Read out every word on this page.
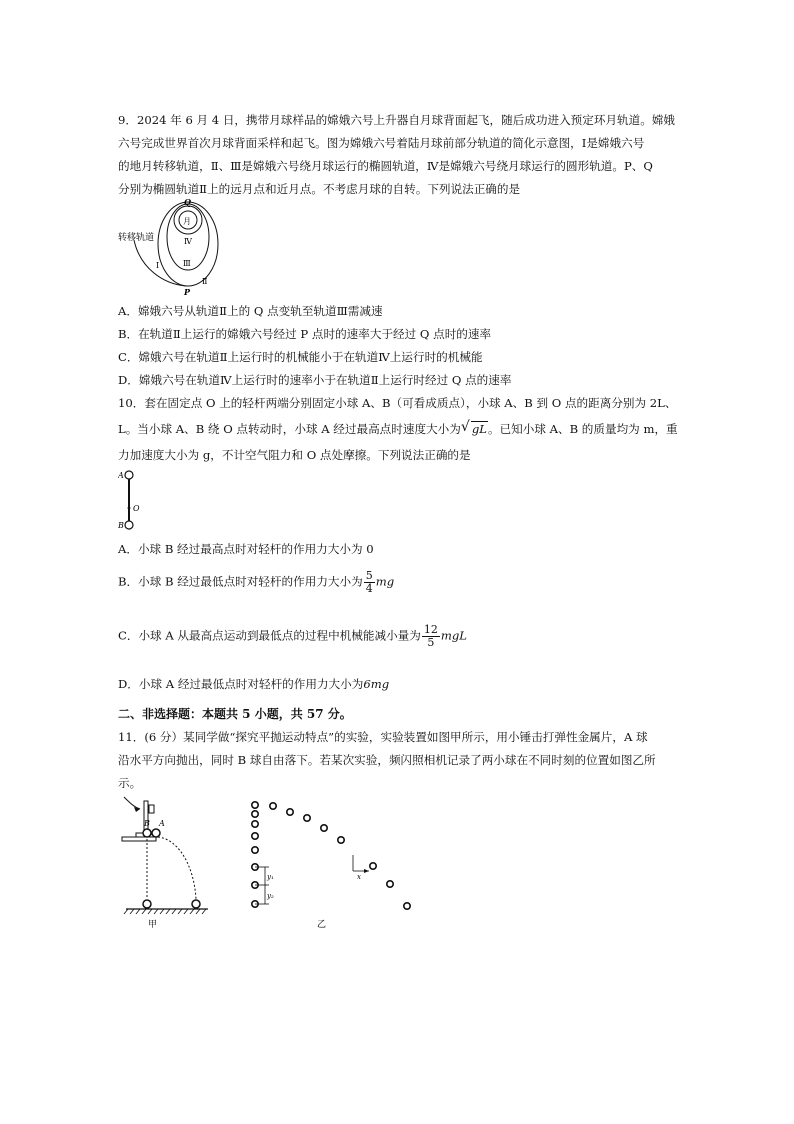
9．2024 年 6 月 4 日，携带月球样品的嫦娥六号上升器自月球背面起飞，随后成功进入预定环月轨道。嫦娥
六号完成世界首次月球背面采样和起飞。图为嫦娥六号着陆月球前部分轨道的简化示意图，Ⅰ是嫦娥六号
的地月转移轨道，Ⅱ、Ⅲ是嫦娥六号绕月球运行的椭圆轨道，Ⅳ是嫦娥六号绕月球运行的圆形轨道。P、Q
分别为椭圆轨道Ⅱ上的远月点和近月点。不考虑月球的自转。下列说法正确的是
转移轨道
Q
月
Ⅳ
Ⅲ
Ⅰ
Ⅱ
P
A．嫦娥六号从轨道Ⅱ上的 Q 点变轨至轨道Ⅲ需减速
B．在轨道Ⅱ上运行的嫦娥六号经过 P 点时的速率大于经过 Q 点时的速率
C．嫦娥六号在轨道Ⅱ上运行时的机械能小于在轨道Ⅳ上运行时的机械能
D．嫦娥六号在轨道Ⅳ上运行时的速率小于在轨道Ⅱ上运行时经过 Q 点的速率
10．套在固定点 O 上的轻杆两端分别固定小球 A、B（可看成质点），小球 A、B 到 O 点的距离分别为 2L、
L。当小球 A、B 绕 O 点转动时，小球 A 经过最高点时速度大小为√ gL。已知小球 A、B 的质量均为 m，重
力加速度大小为 g，不计空气阻力和 O 点处摩擦。下列说法正确的是
A
O
B
A．小球 B 经过最高点时对轻杆的作用力大小为 0
B．小球 B 经过最低点时对轻杆的作用力大小为 $\frac{5}{4}$ mg
C．小球 A 从最高点运动到最低点的过程中机械能减小量为 $\frac{12}{5}$ mgL
D．小球 A 经过最低点时对轻杆的作用力大小为6mg
二、非选择题：本题共 5 小题，共 57 分。
11．(6 分）某同学做“探究平抛运动特点”的实验，实验装置如图甲所示，用小锤击打弹性金属片，A 球
沿水平方向抛出，同时 B 球自由落下。若某次实验，频闪照相机记录了两小球在不同时刻的位置如图乙所
示。
B A
甲
y₁
y₂
x
乙
